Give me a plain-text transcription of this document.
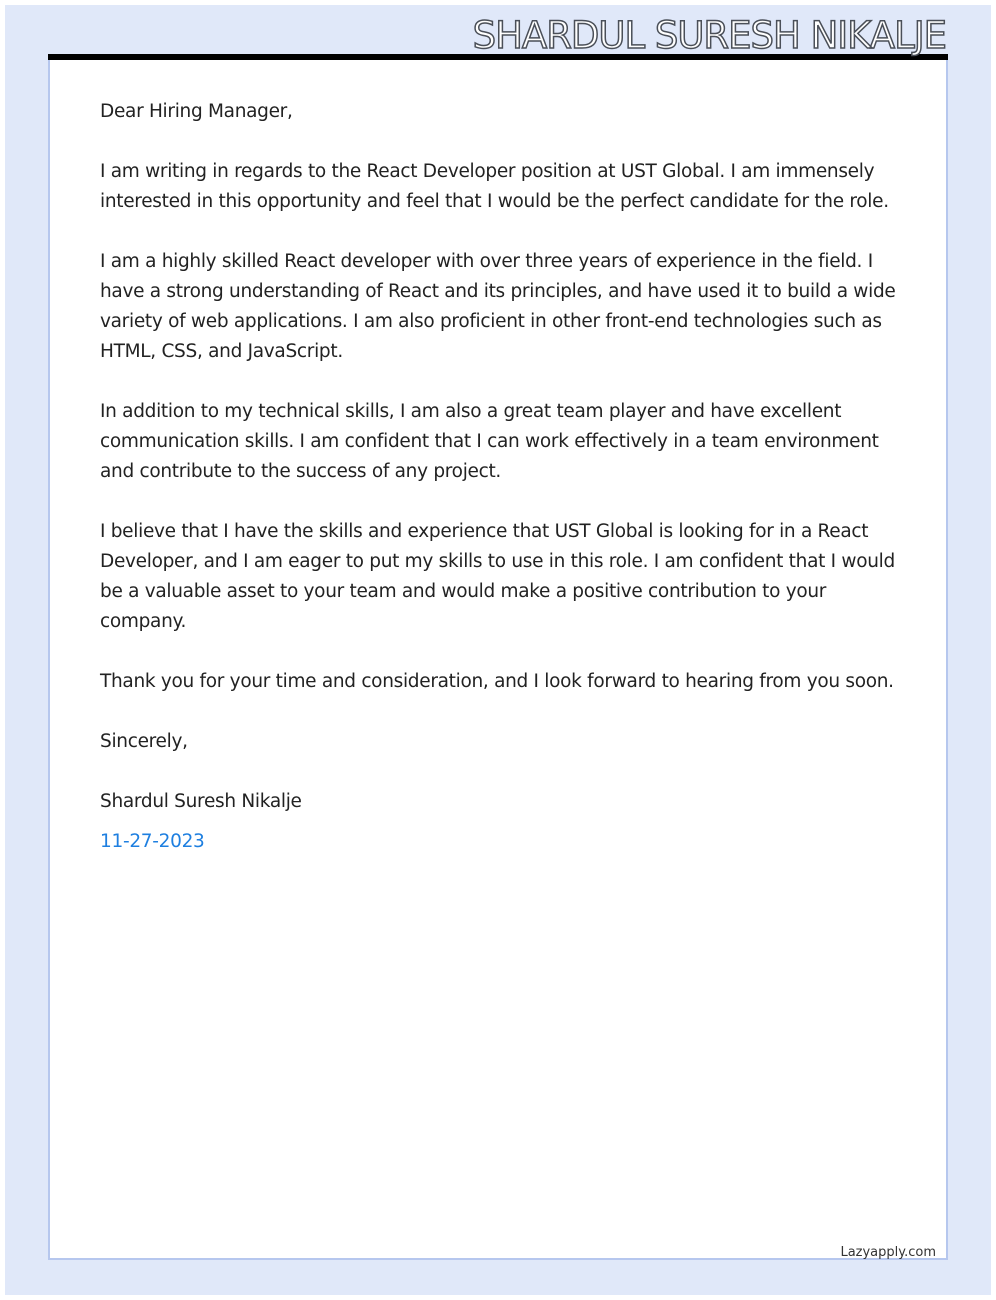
SHARDUL SURESH NIKALJE

Dear Hiring Manager,

I am writing in regards to the React Developer position at UST Global. I am immensely interested in this opportunity and feel that I would be the perfect candidate for the role.

I am a highly skilled React developer with over three years of experience in the field. I have a strong understanding of React and its principles, and have used it to build a wide variety of web applications. I am also proficient in other front-end technologies such as HTML, CSS, and JavaScript.

In addition to my technical skills, I am also a great team player and have excellent communication skills. I am confident that I can work effectively in a team environment and contribute to the success of any project.

I believe that I have the skills and experience that UST Global is looking for in a React Developer, and I am eager to put my skills to use in this role. I am confident that I would be a valuable asset to your team and would make a positive contribution to your company.

Thank you for your time and consideration, and I look forward to hearing from you soon.

Sincerely,

Shardul Suresh Nikalje

11-27-2023

Lazyapply.com
